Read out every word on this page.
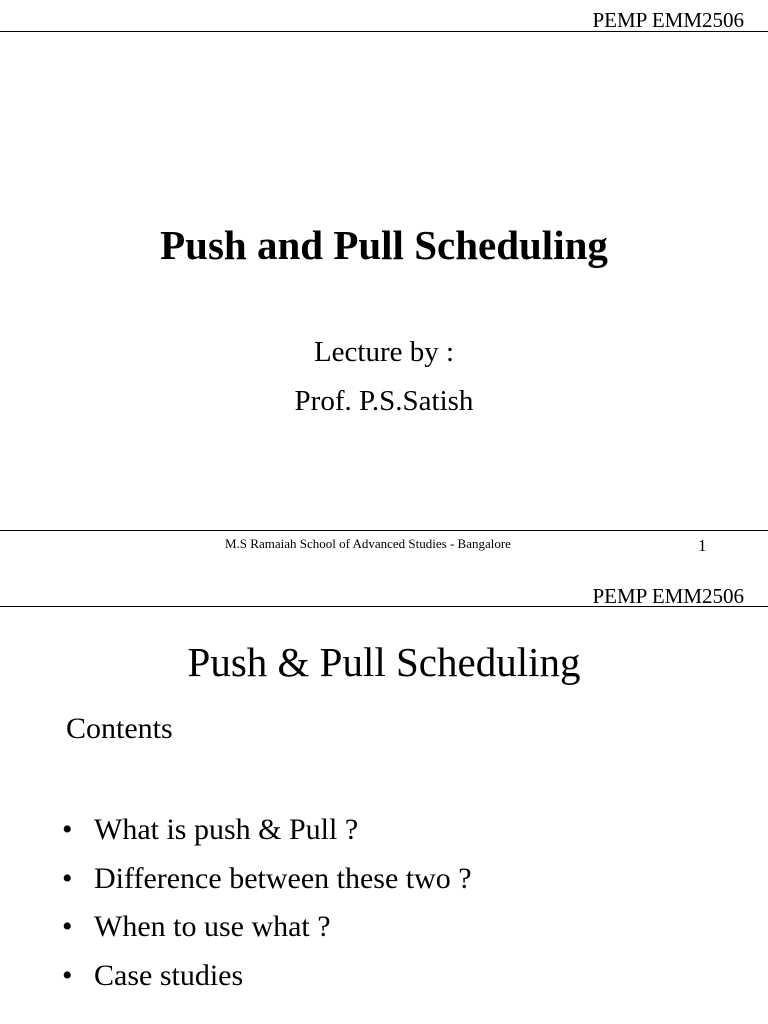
PEMP EMM2506
Push and Pull Scheduling
Lecture by :
Prof. P.S.Satish
M.S Ramaiah School of Advanced Studies - Bangalore	1
PEMP EMM2506
Push & Pull Scheduling
Contents
• What is push & Pull ?
• Difference between these two ?
• When to use what ?
• Case studies
